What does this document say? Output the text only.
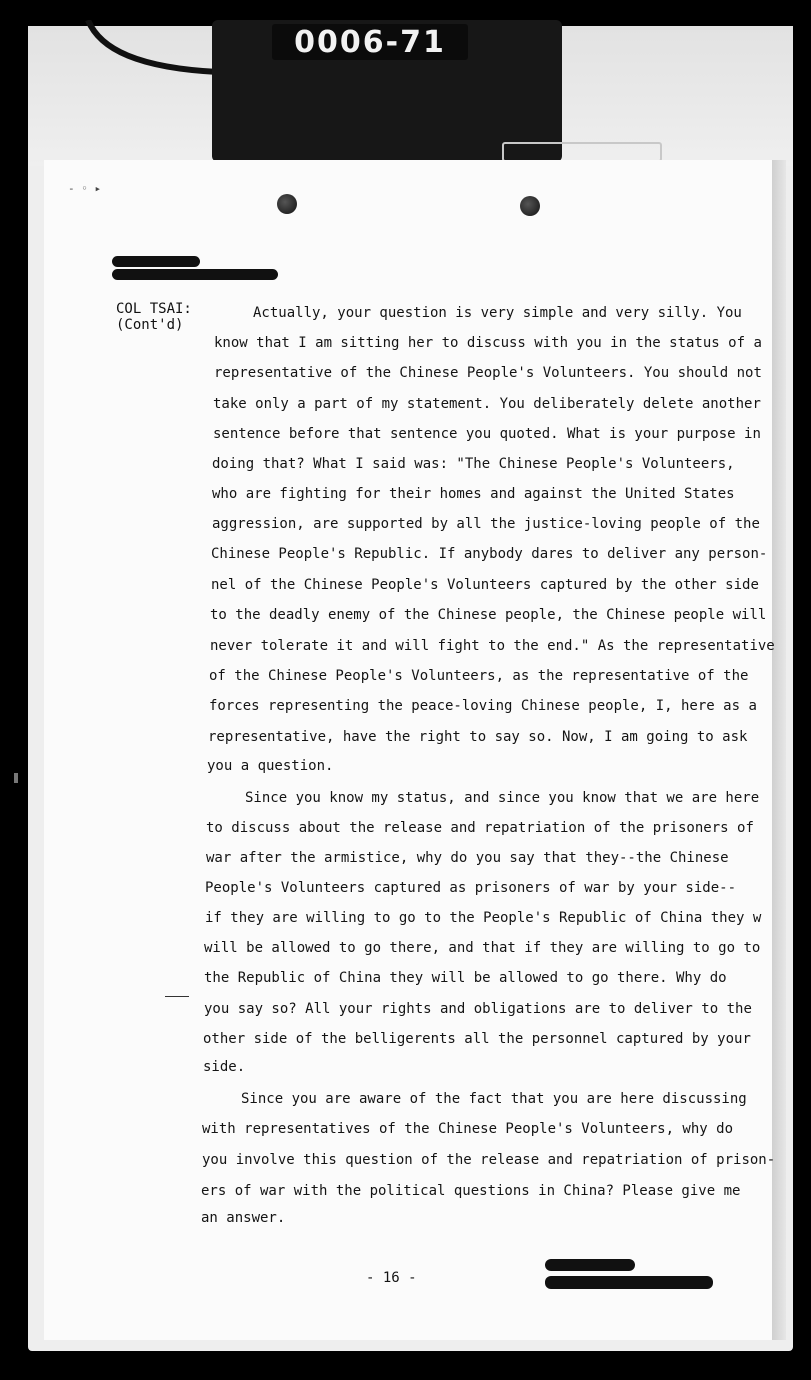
0006-71
- ◦ ▸
COL TSAI:
(Cont'd)
Actually, your question is very simple and very silly. You
know that I am sitting her to discuss with you in the status of a
representative of the Chinese People's Volunteers. You should not
take only a part of my statement. You deliberately delete another
sentence before that sentence you quoted. What is your purpose in
doing that? What I said was: "The Chinese People's Volunteers,
who are fighting for their homes and against the United States
aggression, are supported by all the justice-loving people of the
Chinese People's Republic. If anybody dares to deliver any person-
nel of the Chinese People's Volunteers captured by the other side
to the deadly enemy of the Chinese people, the Chinese people will
never tolerate it and will fight to the end." As the representative
of the Chinese People's Volunteers, as the representative of the
forces representing the peace-loving Chinese people, I, here as a
representative, have the right to say so. Now, I am going to ask
you a question.
Since you know my status, and since you know that we are here
to discuss about the release and repatriation of the prisoners of
war after the armistice, why do you say that they--the Chinese
People's Volunteers captured as prisoners of war by your side--
if they are willing to go to the People's Republic of China they w
will be allowed to go there, and that if they are willing to go to
the Republic of China they will be allowed to go there. Why do
you say so? All your rights and obligations are to deliver to the
other side of the belligerents all the personnel captured by your
side.
Since you are aware of the fact that you are here discussing
with representatives of the Chinese People's Volunteers, why do
you involve this question of the release and repatriation of prison-
ers of war with the political questions in China? Please give me
an answer.
- 16 -
